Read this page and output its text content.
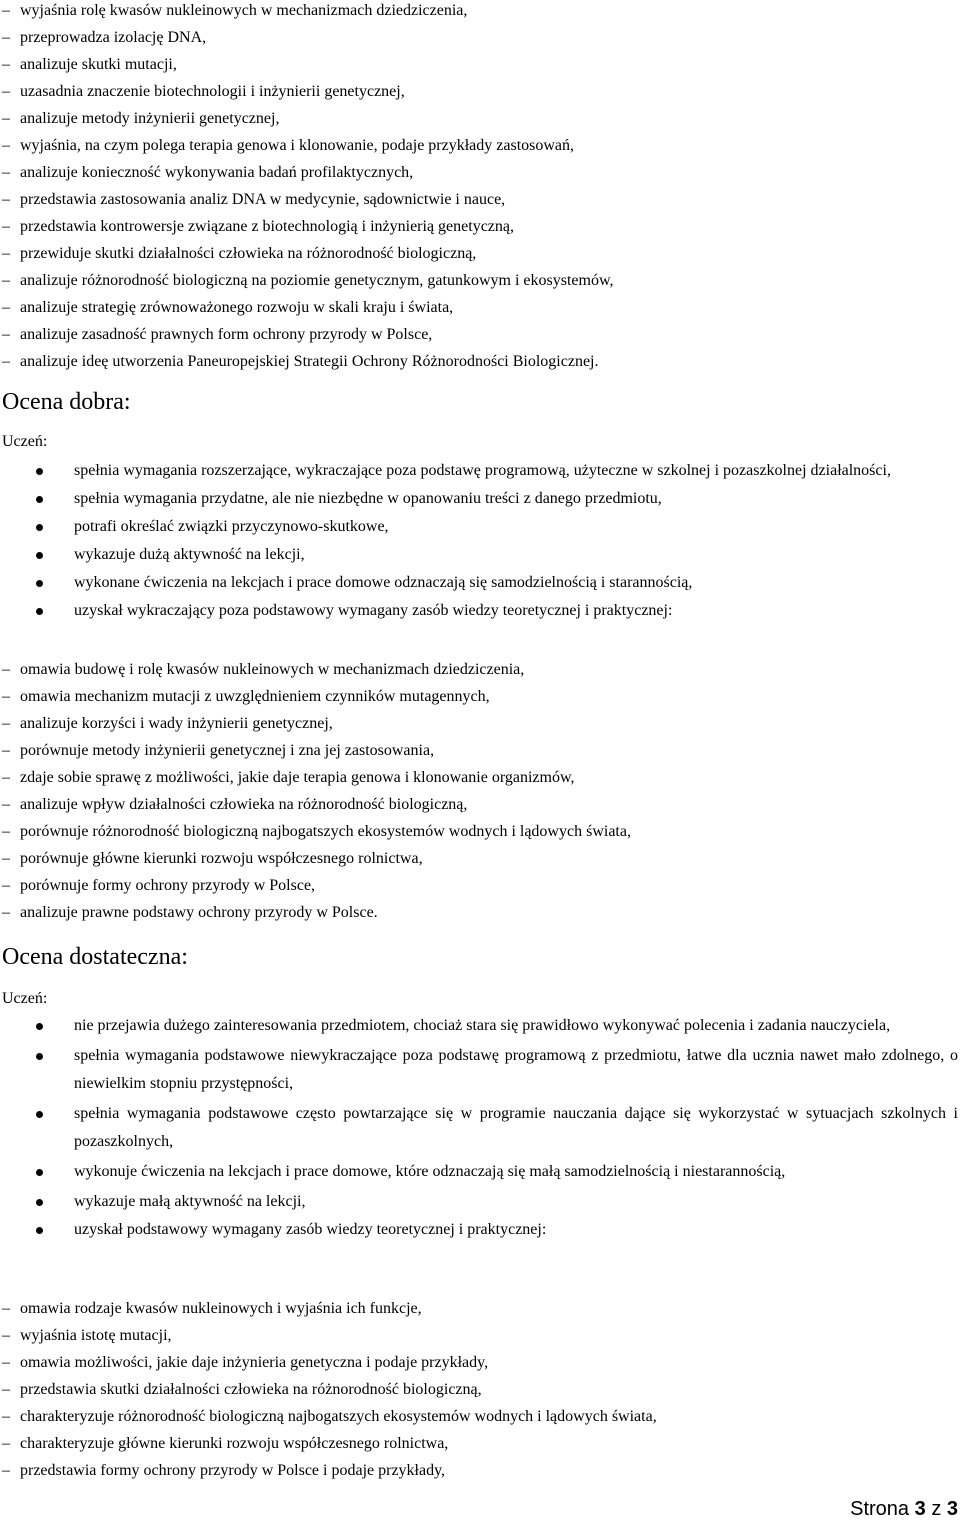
– wyjaśnia rolę kwasów nukleinowych w mechanizmach dziedziczenia,
– przeprowadza izolację DNA,
– analizuje skutki mutacji,
– uzasadnia znaczenie biotechnologii i inżynierii genetycznej,
– analizuje metody inżynierii genetycznej,
– wyjaśnia, na czym polega terapia genowa i klonowanie, podaje przykłady zastosowań,
– analizuje konieczność wykonywania badań profilaktycznych,
– przedstawia zastosowania analiz DNA w medycynie, sądownictwie i nauce,
– przedstawia kontrowersje związane z biotechnologią i inżynierią genetyczną,
– przewiduje skutki działalności człowieka na różnorodność biologiczną,
– analizuje różnorodność biologiczną na poziomie genetycznym, gatunkowym i ekosystemów,
– analizuje strategię zrównoważonego rozwoju w skali kraju i świata,
– analizuje zasadność prawnych form ochrony przyrody w Polsce,
– analizuje ideę utworzenia Paneuropejskiej Strategii Ochrony Różnorodności Biologicznej.
Ocena dobra:

Uczeń:

spełnia wymagania rozszerzające, wykraczające poza podstawę programową, użyteczne w szkolnej i pozaszkolnej działalności,
spełnia wymagania przydatne, ale nie niezbędne w opanowaniu treści z danego przedmiotu,
potrafi określać związki przyczynowo-skutkowe,
wykazuje dużą aktywność na lekcji,
wykonane ćwiczenia na lekcjach i prace domowe odznaczają się samodzielnością i starannością,
uzyskał wykraczający poza podstawowy wymagany zasób wiedzy teoretycznej i praktycznej:
– omawia budowę i rolę kwasów nukleinowych w mechanizmach dziedziczenia,
– omawia mechanizm mutacji z uwzględnieniem czynników mutagennych,
– analizuje korzyści i wady inżynierii genetycznej,
– porównuje metody inżynierii genetycznej i zna jej zastosowania,
– zdaje sobie sprawę z możliwości, jakie daje terapia genowa i klonowanie organizmów,
– analizuje wpływ działalności człowieka na różnorodność biologiczną,
– porównuje różnorodność biologiczną najbogatszych ekosystemów wodnych i lądowych świata,
– porównuje główne kierunki rozwoju współczesnego rolnictwa,
– porównuje formy ochrony przyrody w Polsce,
– analizuje prawne podstawy ochrony przyrody w Polsce.
Ocena dostateczna:

Uczeń:

nie przejawia dużego zainteresowania przedmiotem, chociaż stara się prawidłowo wykonywać polecenia i zadania nauczyciela,
spełnia wymagania podstawowe niewykraczające poza podstawę programową z przedmiotu, łatwe dla ucznia nawet mało zdolnego, o niewielkim stopniu przystępności,
spełnia wymagania podstawowe często powtarzające się w programie nauczania dające się wykorzystać w sytuacjach szkolnych i pozaszkolnych,
wykonuje ćwiczenia na lekcjach i prace domowe, które odznaczają się małą samodzielnością i niestarannością,
wykazuje małą aktywność na lekcji,
uzyskał podstawowy wymagany zasób wiedzy teoretycznej i praktycznej:
– omawia rodzaje kwasów nukleinowych i wyjaśnia ich funkcje,
– wyjaśnia istotę mutacji,
– omawia możliwości, jakie daje inżynieria genetyczna i podaje przykłady,
– przedstawia skutki działalności człowieka na różnorodność biologiczną,
– charakteryzuje różnorodność biologiczną najbogatszych ekosystemów wodnych i lądowych świata,
– charakteryzuje główne kierunki rozwoju współczesnego rolnictwa,
– przedstawia formy ochrony przyrody w Polsce i podaje przykłady,
Strona 3 z 3
